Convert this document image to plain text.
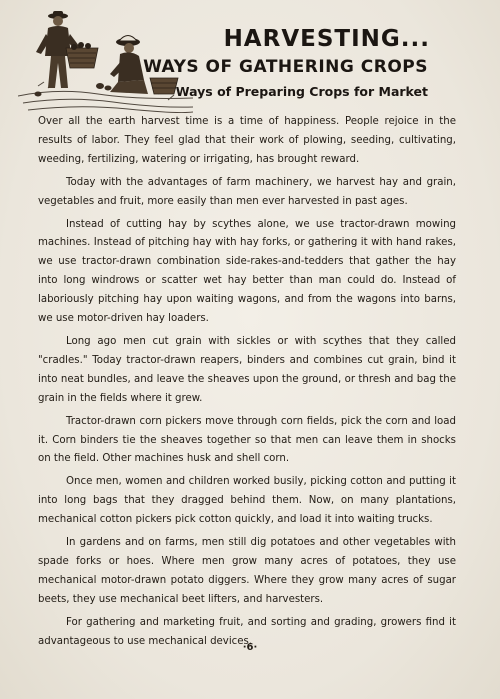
HARVESTING...
WAYS OF GATHERING CROPS
Ways of Preparing Crops for Market

Over all the earth harvest time is a time of happiness. People rejoice in the results of labor. They feel glad that their work of plowing, seeding, cultivating, weeding, fertilizing, watering or irrigating, has brought reward.

Today with the advantages of farm machinery, we harvest hay and grain, vegetables and fruit, more easily than men ever harvested in past ages.

Instead of cutting hay by scythes alone, we use tractor-drawn mowing machines. Instead of pitching hay with hay forks, or gathering it with hand rakes, we use tractor-drawn combination side-rakes-and-tedders that gather the hay into long windrows or scatter wet hay better than man could do. Instead of laboriously pitching hay upon waiting wagons, and from the wagons into barns, we use motor-driven hay loaders.

Long ago men cut grain with sickles or with scythes that they called "cradles." Today tractor-drawn reapers, binders and combines cut grain, bind it into neat bundles, and leave the sheaves upon the ground, or thresh and bag the grain in the fields where it grew.

Tractor-drawn corn pickers move through corn fields, pick the corn and load it. Corn binders tie the sheaves together so that men can leave them in shocks on the field. Other machines husk and shell corn.

Once men, women and children worked busily, picking cotton and putting it into long bags that they dragged behind them. Now, on many plantations, mechanical cotton pickers pick cotton quickly, and load it into waiting trucks.

In gardens and on farms, men still dig potatoes and other vegetables with spade forks or hoes. Where men grow many acres of potatoes, they use mechanical motor-drawn potato diggers. Where they grow many acres of sugar beets, they use mechanical beet lifters, and harvesters.

For gathering and marketing fruit, and sorting and grading, growers find it advantageous to use mechanical devices.

·6·
